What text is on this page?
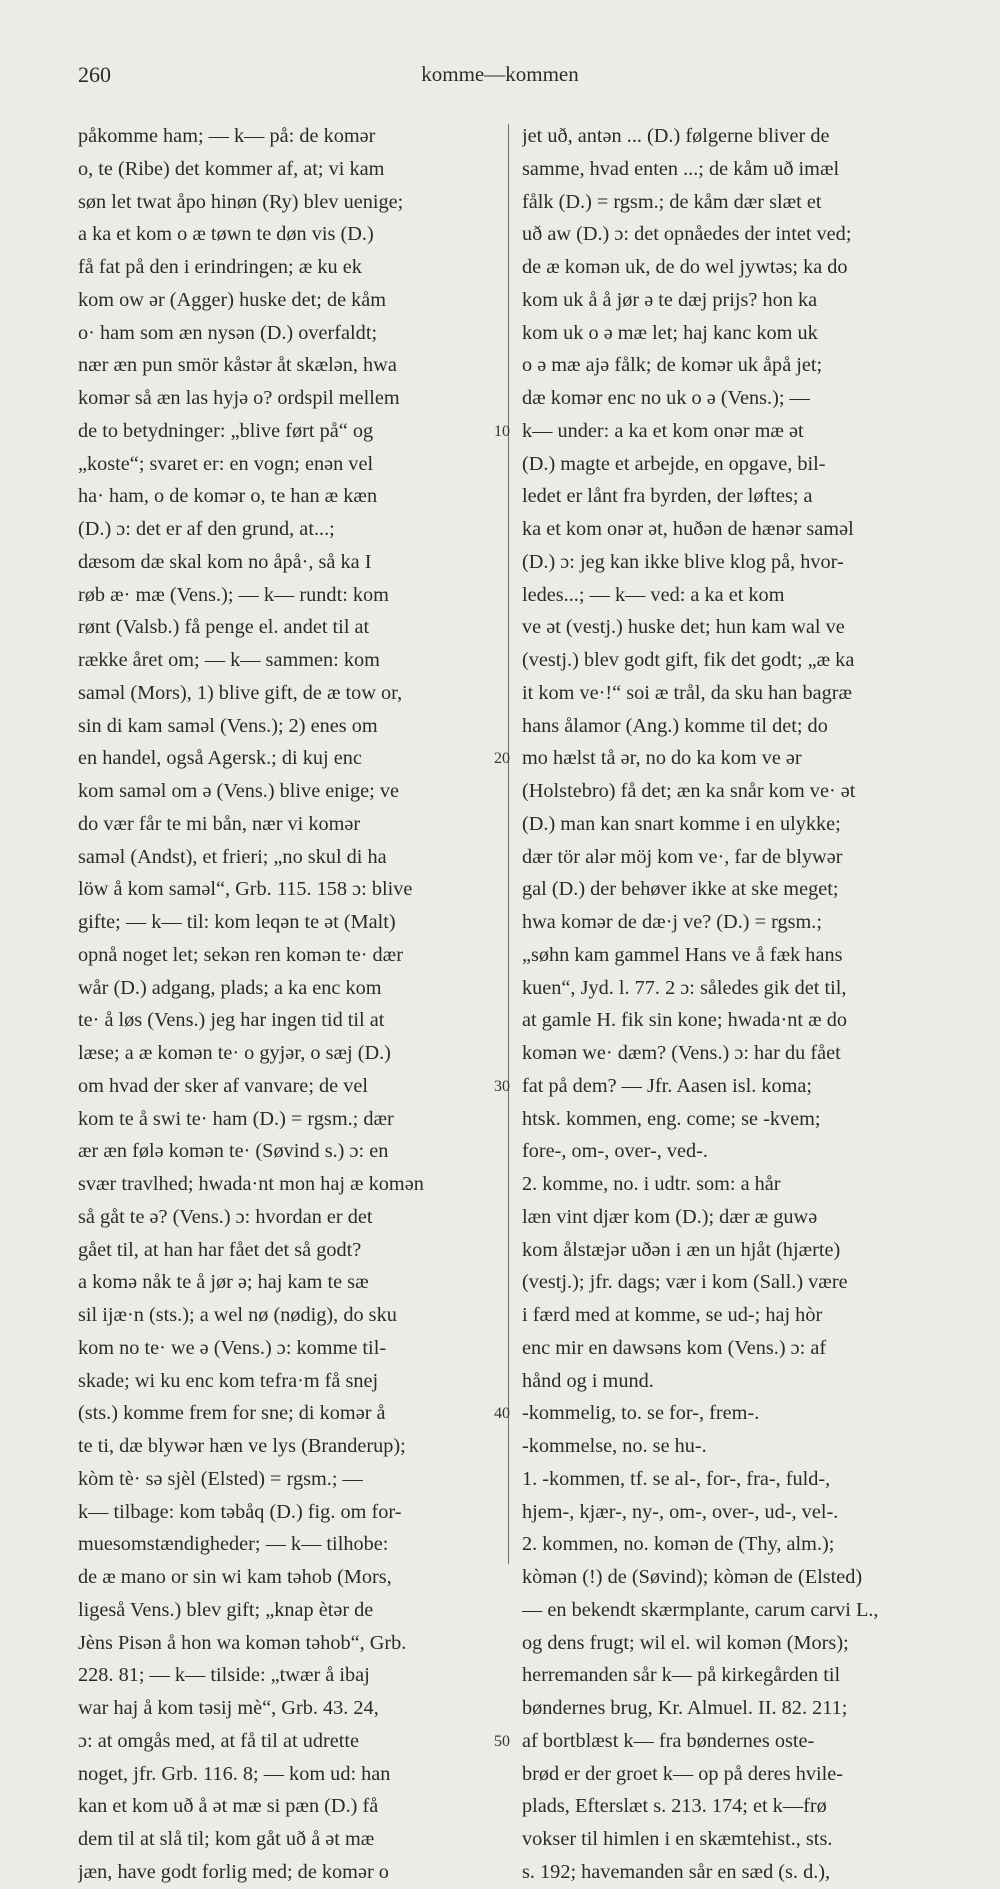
260	komme—kommen
påkomme ham; — k— på: de komər
o, te (Ribe) det kommer af, at; vi kam
søn let twat åpo hinøn (Ry) blev uenige;
a ka et kom o æ tøwn te døn vis (D.)
få fat på den i erindringen; æ ku ek
kom ow ər (Agger) huske det; de kåm
o· ham som æn nysən (D.) overfaldt;
nær æn pun smör kåstər åt skælən, hwa
komər så æn las hyjə o? ordspil mellem
de to betydninger: „blive ført på“ og
„koste“; svaret er: en vogn; enən vel
ha· ham, o de komər o, te han æ kæn
(D.) ɔ: det er af den grund, at...;
dæsom dæ skal kom no åpå·, så ka I
røb æ· mæ (Vens.); — k— rundt: kom
rønt (Valsb.) få penge el. andet til at
række året om; — k— sammen: kom
saməl (Mors), 1) blive gift, de æ tow or,
sin di kam saməl (Vens.); 2) enes om
en handel, også Agersk.; di kuj enc
kom saməl om ə (Vens.) blive enige; ve
do vær får te mi bån, nær vi komər
saməl (Andst), et frieri; „no skul di ha
löw å kom saməl“, Grb. 115. 158 ɔ: blive
gifte; — k— til: kom leqən te ət (Malt)
opnå noget let; sekən ren komən te· dær
wår (D.) adgang, plads; a ka enc kom
te· å løs (Vens.) jeg har ingen tid til at
læse; a æ komən te· o gyjər, o sæj (D.)
om hvad der sker af vanvare; de vel
kom te å swi te· ham (D.) = rgsm.; dær
ær æn følə komən te· (Søvind s.) ɔ: en
svær travlhed; hwada·nt mon haj æ komən
så gåt te ə? (Vens.) ɔ: hvordan er det
gået til, at han har fået det så godt?
a komə nåk te å jør ə; haj kam te sæ
sil ijæ·n (sts.); a wel nø (nødig), do sku
kom no te· we ə (Vens.) ɔ: komme til-
skade; wi ku enc kom tefra·m få snej
(sts.) komme frem for sne; di komər å
te ti, dæ blywər hæn ve lys (Branderup);
kòm tè· sə sjèl (Elsted) = rgsm.; —
k— tilbage: kom təbåq (D.) fig. om for-
muesomstændigheder; — k— tilhobe:
de æ mano or sin wi kam təhob (Mors,
ligeså Vens.) blev gift; „knap ètər de
Jèns Pisən å hon wa komən təhob“, Grb.
228. 81; — k— tilside: „twær å ibaj
war haj å kom təsij mè“, Grb. 43. 24,
ɔ: at omgås med, at få til at udrette
noget, jfr. Grb. 116. 8; — kom ud: han
kan et kom uð å ət mæ si pæn (D.) få
dem til at slå til; kom gåt uð å ət mæ
jæn, have godt forlig med; de komər o
jet uð, antən ... (D.) følgerne bliver de
samme, hvad enten ...; de kåm uð imæl
fålk (D.) = rgsm.; de kåm dær slæt et
uð aw (D.) ɔ: det opnåedes der intet ved;
de æ komən uk, de do wel jywtəs; ka do
kom uk å å jør ə te dæj prijs? hon ka
kom uk o ə mæ let; haj kanc kom uk
o ə mæ ajə fålk; de komər uk åpå jet;
dæ komər enc no uk o ə (Vens.); —
k— under: a ka et kom onər mæ ət
(D.) magte et arbejde, en opgave, bil-
ledet er lånt fra byrden, der løftes; a
ka et kom onər ət, huðən de hænər saməl
(D.) ɔ: jeg kan ikke blive klog på, hvor-
ledes...; — k— ved: a ka et kom
ve ət (vestj.) huske det; hun kam wal ve
(vestj.) blev godt gift, fik det godt; „æ ka
it kom ve·!“ soi æ trål, da sku han bagræ
hans ålamor (Ang.) komme til det; do
mo hælst tå ər, no do ka kom ve ər
(Holstebro) få det; æn ka snår kom ve· ət
(D.) man kan snart komme i en ulykke;
dær tör alər möj kom ve·, far de blywər
gal (D.) der behøver ikke at ske meget;
hwa komər de dæ·j ve? (D.) = rgsm.;
„søhn kam gammel Hans ve å fæk hans
kuen“, Jyd. l. 77. 2 ɔ: således gik det til,
at gamle H. fik sin kone; hwada·nt æ do
komən we· dæm? (Vens.) ɔ: har du fået
fat på dem? — Jfr. Aasen isl. koma;
htsk. kommen, eng. come; se -kvem;
fore-, om-, over-, ved-.
2. komme, no. i udtr. som: a hår
læn vint djær kom (D.); dær æ guwə
kom ålstæjər uðən i æn un hjåt (hjærte)
(vestj.); jfr. dags; vær i kom (Sall.) være
i færd med at komme, se ud-; haj hòr
enc mir en dawsəns kom (Vens.) ɔ: af
hånd og i mund.
-kommelig, to. se for-, frem-.
-kommelse, no. se hu-.
1. -kommen, tf. se al-, for-, fra-, fuld-,
hjem-, kjær-, ny-, om-, over-, ud-, vel-.
2. kommen, no. komən de (Thy, alm.);
kòmən (!) de (Søvind); kòmən de (Elsted)
— en bekendt skærmplante, carum carvi L.,
og dens frugt; wil el. wil komən (Mors);
herremanden sår k— på kirkegården til
bøndernes brug, Kr. Almuel. II. 82. 211;
af bortblæst k— fra bøndernes oste-
brød er der groet k— op på deres hvile-
plads, Efterslæt s. 213. 174; et k—frø
vokser til himlen i en skæmtehist., sts.
s. 192; havemanden sår en sæd (s. d.),
10
20
30
40
50
